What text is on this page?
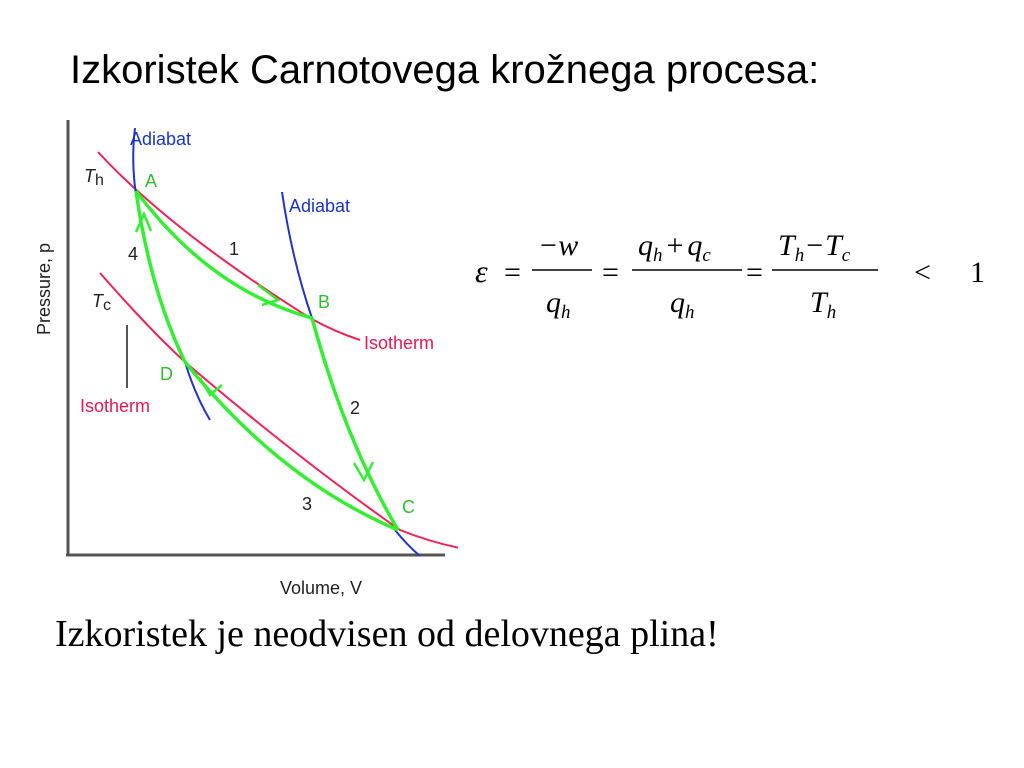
Izkoristek Carnotovega krožnega procesa:
Pressure, p
Volume, V
Adiabat
Adiabat
Isotherm
Isotherm
Th
Tc
A
B
C
D
1
2
3
4	ε =
−w
$q_h$
=
$q_h + q_c$
$q_h$
=
$T_h-T_c$
$T_h$
< 1
Izkoristek je neodvisen od delovnega plina!
